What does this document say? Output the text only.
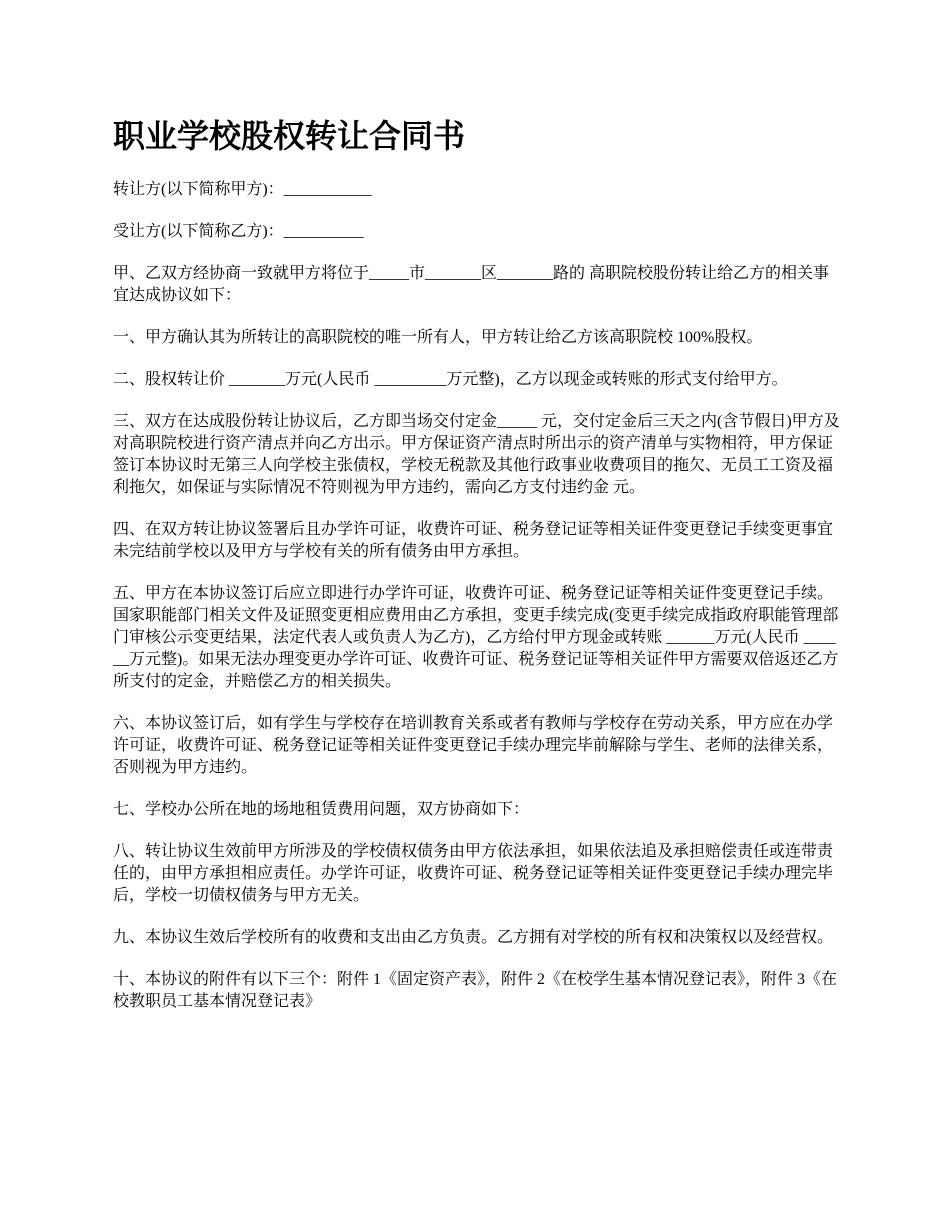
职业学校股权转让合同书

转让方(以下简称甲方)：___________

受让方(以下简称乙方)：__________

甲、乙双方经协商一致就甲方将位于_____市_______区_______路的 高职院校股份转让给乙方的相关事宜达成协议如下：

一、甲方确认其为所转让的高职院校的唯一所有人，甲方转让给乙方该高职院校 100%股权。

二、股权转让价 _______万元(人民币 _________万元整)，乙方以现金或转账的形式支付给甲方。

三、双方在达成股份转让协议后，乙方即当场交付定金_____ 元，交付定金后三天之内(含节假日)甲方及对高职院校进行资产清点并向乙方出示。甲方保证资产清点时所出示的资产清单与实物相符，甲方保证签订本协议时无第三人向学校主张债权，学校无税款及其他行政事业收费项目的拖欠、无员工工资及福利拖欠，如保证与实际情况不符则视为甲方违约，需向乙方支付违约金 元。

四、在双方转让协议签署后且办学许可证，收费许可证、税务登记证等相关证件变更登记手续变更事宜未完结前学校以及甲方与学校有关的所有债务由甲方承担。

五、甲方在本协议签订后应立即进行办学许可证，收费许可证、税务登记证等相关证件变更登记手续。国家职能部门相关文件及证照变更相应费用由乙方承担，变更手续完成(变更手续完成指政府职能管理部门审核公示变更结果，法定代表人或负责人为乙方)，乙方给付甲方现金或转账 ______万元(人民币 ______万元整)。如果无法办理变更办学许可证、收费许可证、税务登记证等相关证件甲方需要双倍返还乙方所支付的定金，并赔偿乙方的相关损失。

六、本协议签订后，如有学生与学校存在培训教育关系或者有教师与学校存在劳动关系，甲方应在办学许可证，收费许可证、税务登记证等相关证件变更登记手续办理完毕前解除与学生、老师的法律关系，否则视为甲方违约。

七、学校办公所在地的场地租赁费用问题，双方协商如下：

八、转让协议生效前甲方所涉及的学校债权债务由甲方依法承担，如果依法追及承担赔偿责任或连带责任的，由甲方承担相应责任。办学许可证，收费许可证、税务登记证等相关证件变更登记手续办理完毕后，学校一切债权债务与甲方无关。

九、本协议生效后学校所有的收费和支出由乙方负责。乙方拥有对学校的所有权和决策权以及经营权。

十、本协议的附件有以下三个：附件 1《固定资产表》，附件 2《在校学生基本情况登记表》，附件 3《在校教职员工基本情况登记表》
